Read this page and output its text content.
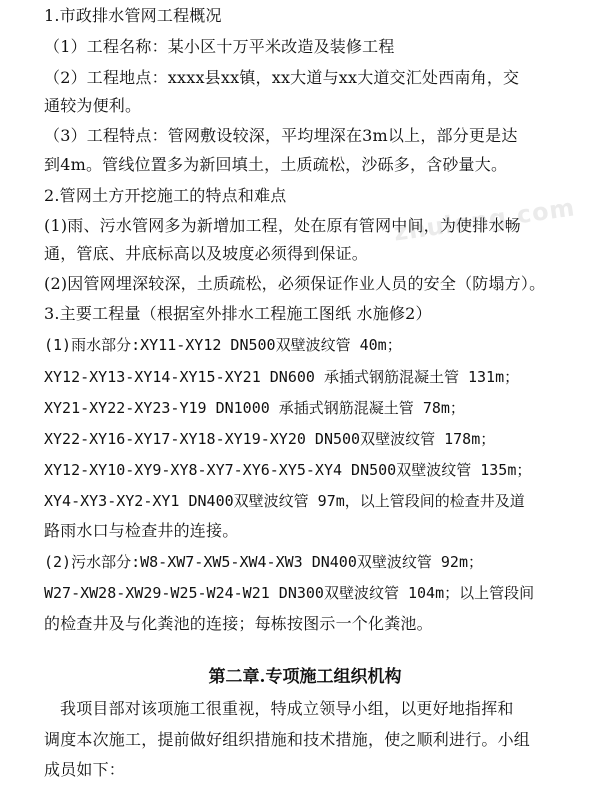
1.市政排水管网工程概况
（1）工程名称：某小区十万平米改造及装修工程
（2）工程地点：xxxx县xx镇，xx大道与xx大道交汇处西南角，交
通较为便利。
（3）工程特点：管网敷设较深，平均埋深在3m以上，部分更是达
到4m。管线位置多为新回填土，土质疏松，沙砾多，含砂量大。
2.管网土方开挖施工的特点和难点
(1)雨、污水管网多为新增加工程，处在原有管网中间，为使排水畅
通，管底、井底标高以及坡度必须得到保证。
(2)因管网埋深较深，土质疏松，必须保证作业人员的安全（防塌方）。
3.主要工程量（根据室外排水工程施工图纸 水施修2）
(1)雨水部分:XY11-XY12 DN500双壁波纹管 40m；
XY12-XY13-XY14-XY15-XY21 DN600 承插式钢筋混凝土管 131m；
XY21-XY22-XY23-Y19 DN1000 承插式钢筋混凝土管 78m；
XY22-XY16-XY17-XY18-XY19-XY20 DN500双壁波纹管 178m；
XY12-XY10-XY9-XY8-XY7-XY6-XY5-XY4 DN500双壁波纹管 135m；
XY4-XY3-XY2-XY1 DN400双壁波纹管 97m，以上管段间的检查井及道
路雨水口与检查井的连接。
(2)污水部分:W8-XW7-XW5-XW4-XW3 DN400双壁波纹管 92m；
W27-XW28-XW29-W25-W24-W21 DN300双壁波纹管 104m；以上管段间
的检查井及与化粪池的连接；每栋按图示一个化粪池。
第二章.专项施工组织机构
我项目部对该项施工很重视，特成立领导小组，以更好地指挥和
调度本次施工，提前做好组织措施和技术措施，使之顺利进行。小组
成员如下：
zhulong.com
